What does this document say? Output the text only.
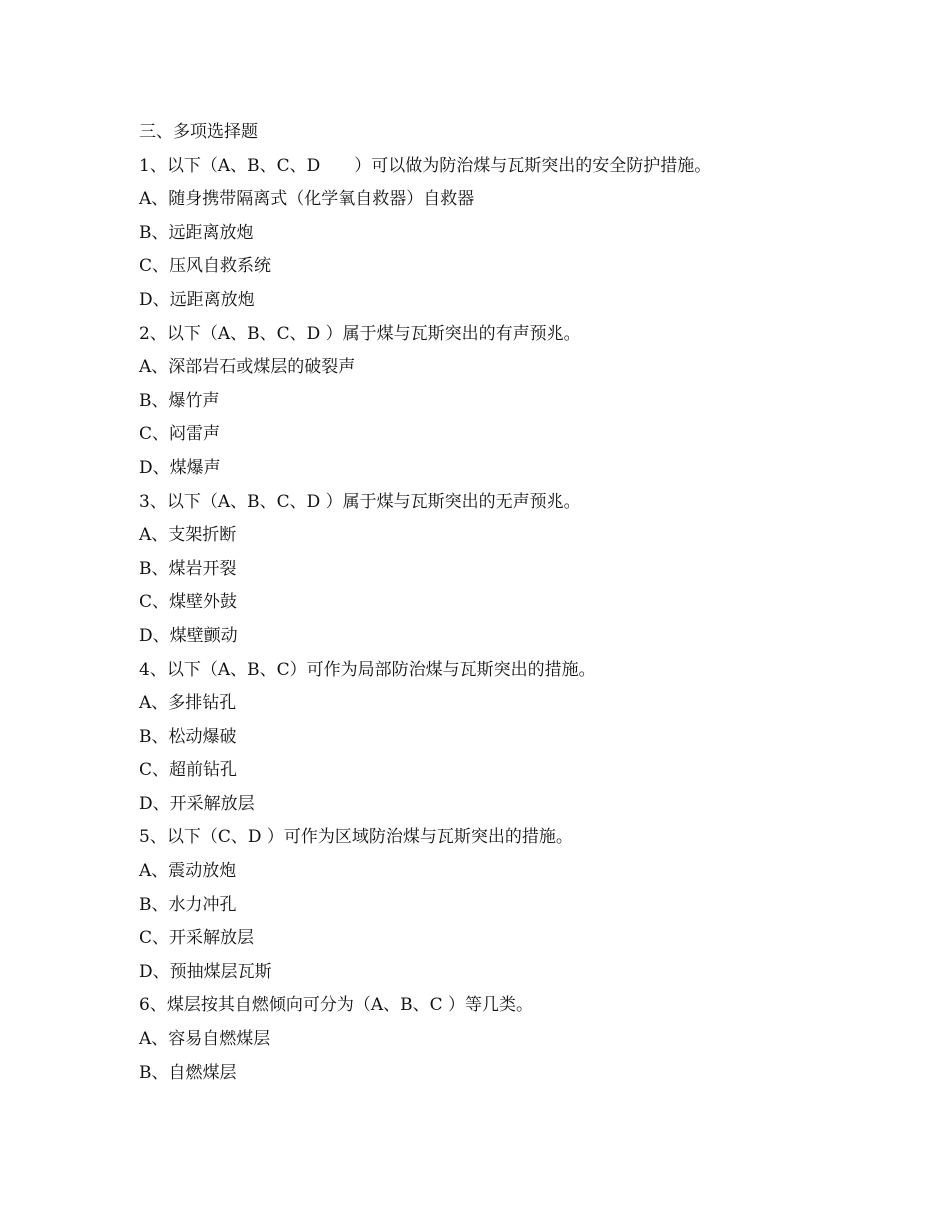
三、多项选择题
1、以下（A、B、C、D　　）可以做为防治煤与瓦斯突出的安全防护措施。
A、随身携带隔离式（化学氧自救器）自救器
B、远距离放炮
C、压风自救系统
D、远距离放炮
2、以下（A、B、C、D ）属于煤与瓦斯突出的有声预兆。
A、深部岩石或煤层的破裂声
B、爆竹声
C、闷雷声
D、煤爆声
3、以下（A、B、C、D ）属于煤与瓦斯突出的无声预兆。
A、支架折断
B、煤岩开裂
C、煤壁外鼓
D、煤壁颤动
4、以下（A、B、C）可作为局部防治煤与瓦斯突出的措施。
A、多排钻孔
B、松动爆破
C、超前钻孔
D、开采解放层
5、以下（C、D ）可作为区域防治煤与瓦斯突出的措施。
A、震动放炮
B、水力冲孔
C、开采解放层
D、预抽煤层瓦斯
6、煤层按其自燃倾向可分为（A、B、C ）等几类。
A、容易自燃煤层
B、自燃煤层
